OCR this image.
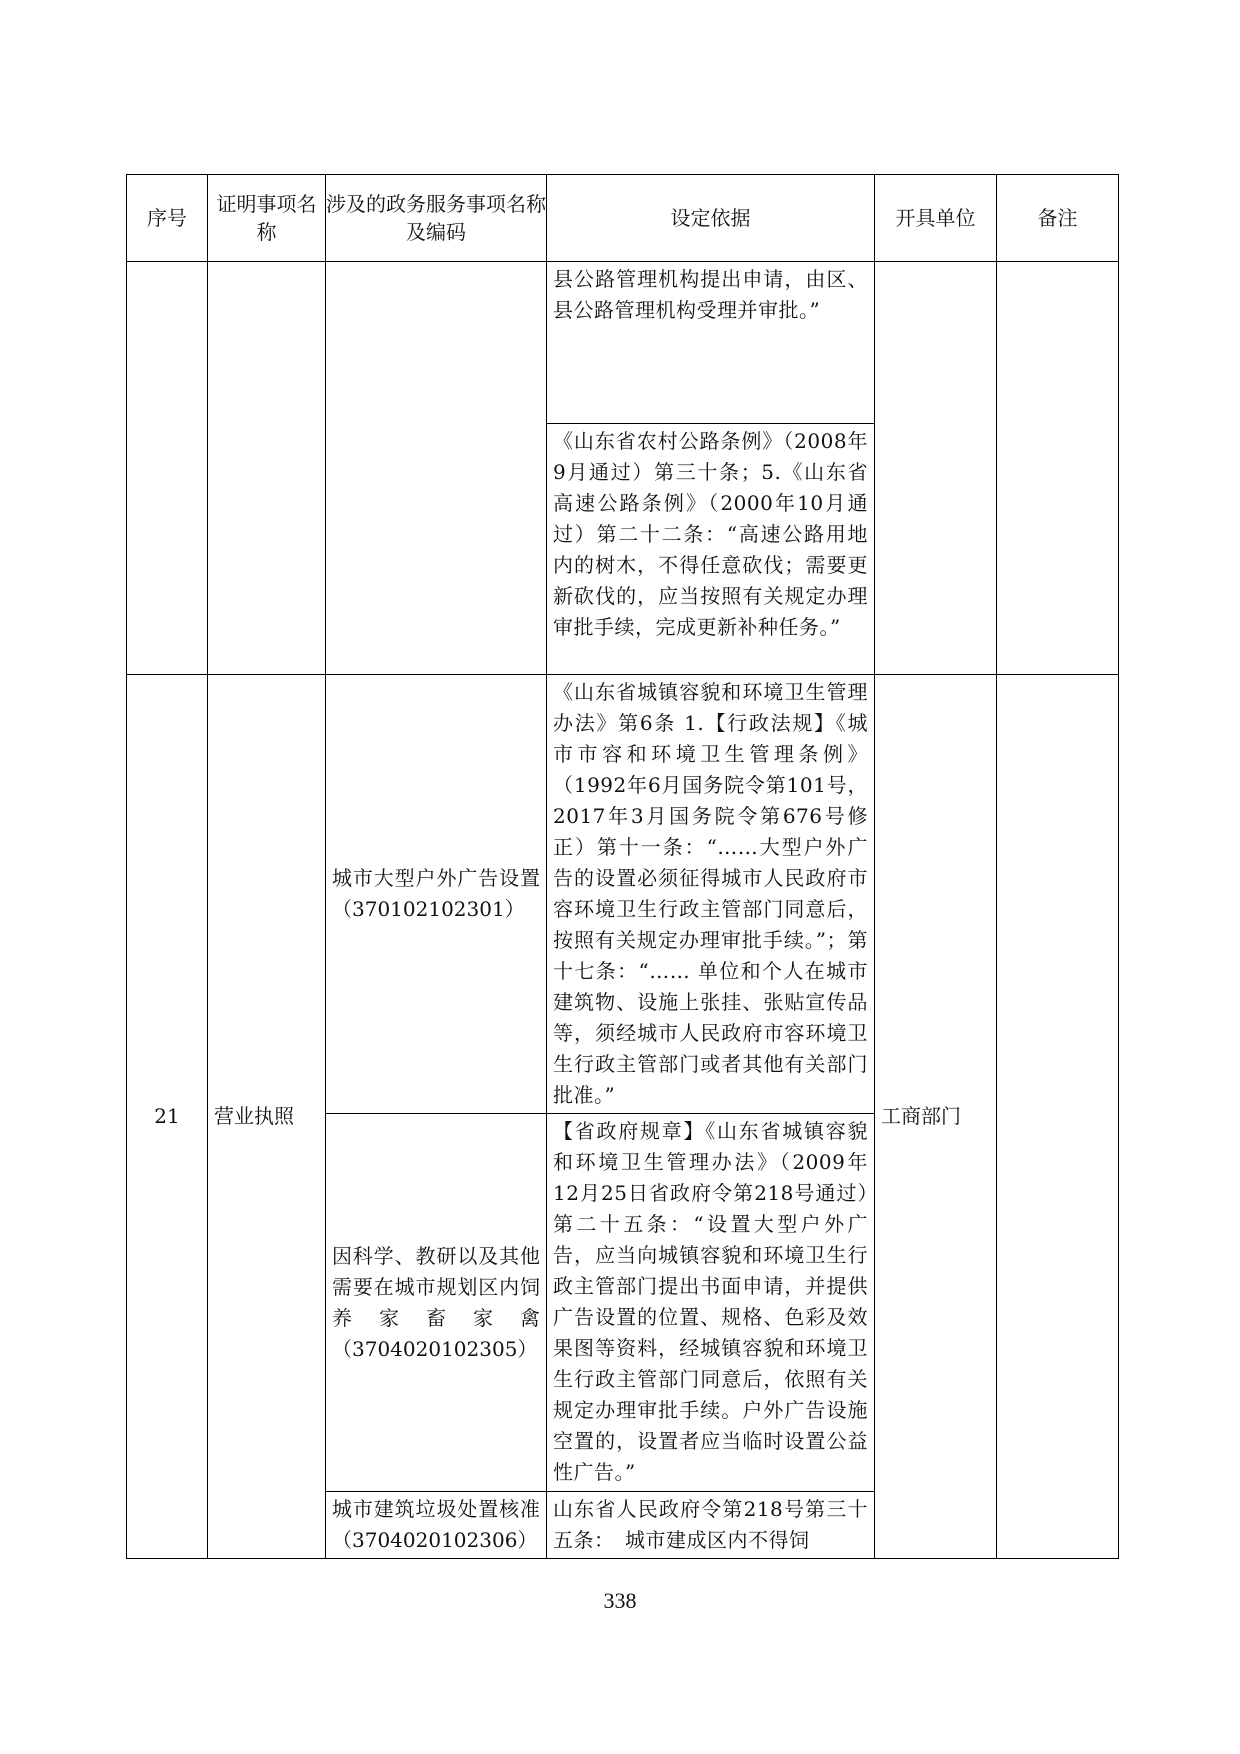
序号	证明事项名称	涉及的政务服务事项名称及编码	设定依据	开具单位	备注

			县公路管理机构提出申请，由区、县公路管理机构受理并审批。”		

			《山东省农村公路条例》（2008年9月通过）第三十条；5.《山东省高速公路条例》（2000年10月通过）第二十二条：“高速公路用地内的树木，不得任意砍伐；需要更新砍伐的，应当按照有关规定办理审批手续，完成更新补种任务。”		

21	营业执照	城市大型户外广告设置（370102102301）	《山东省城镇容貌和环境卫生管理办法》第6条 1.【行政法规】《城市市容和环境卫生管理条例》（1992年6月国务院令第101号，2017年3月国务院令第676号修正）第十一条：“……大型户外广告的设置必须征得城市人民政府市容环境卫生行政主管部门同意后，按照有关规定办理审批手续。”；第十七条：“…… 单位和个人在城市建筑物、设施上张挂、张贴宣传品等，须经城市人民政府市容环境卫生行政主管部门或者其他有关部门批准。”	工商部门	

		因科学、教研以及其他需要在城市规划区内饲养家畜家禽（3704020102305）	【省政府规章】《山东省城镇容貌和环境卫生管理办法》（2009年12月25日省政府令第218号通过）第二十五条：“设置大型户外广告，应当向城镇容貌和环境卫生行政主管部门提出书面申请，并提供广告设置的位置、规格、色彩及效果图等资料，经城镇容貌和环境卫生行政主管部门同意后，依照有关规定办理审批手续。户外广告设施空置的，设置者应当临时设置公益性广告。”		

		城市建筑垃圾处置核准（3704020102306）	山东省人民政府令第218号第三十五条：　城市建成区内不得饲		
338
